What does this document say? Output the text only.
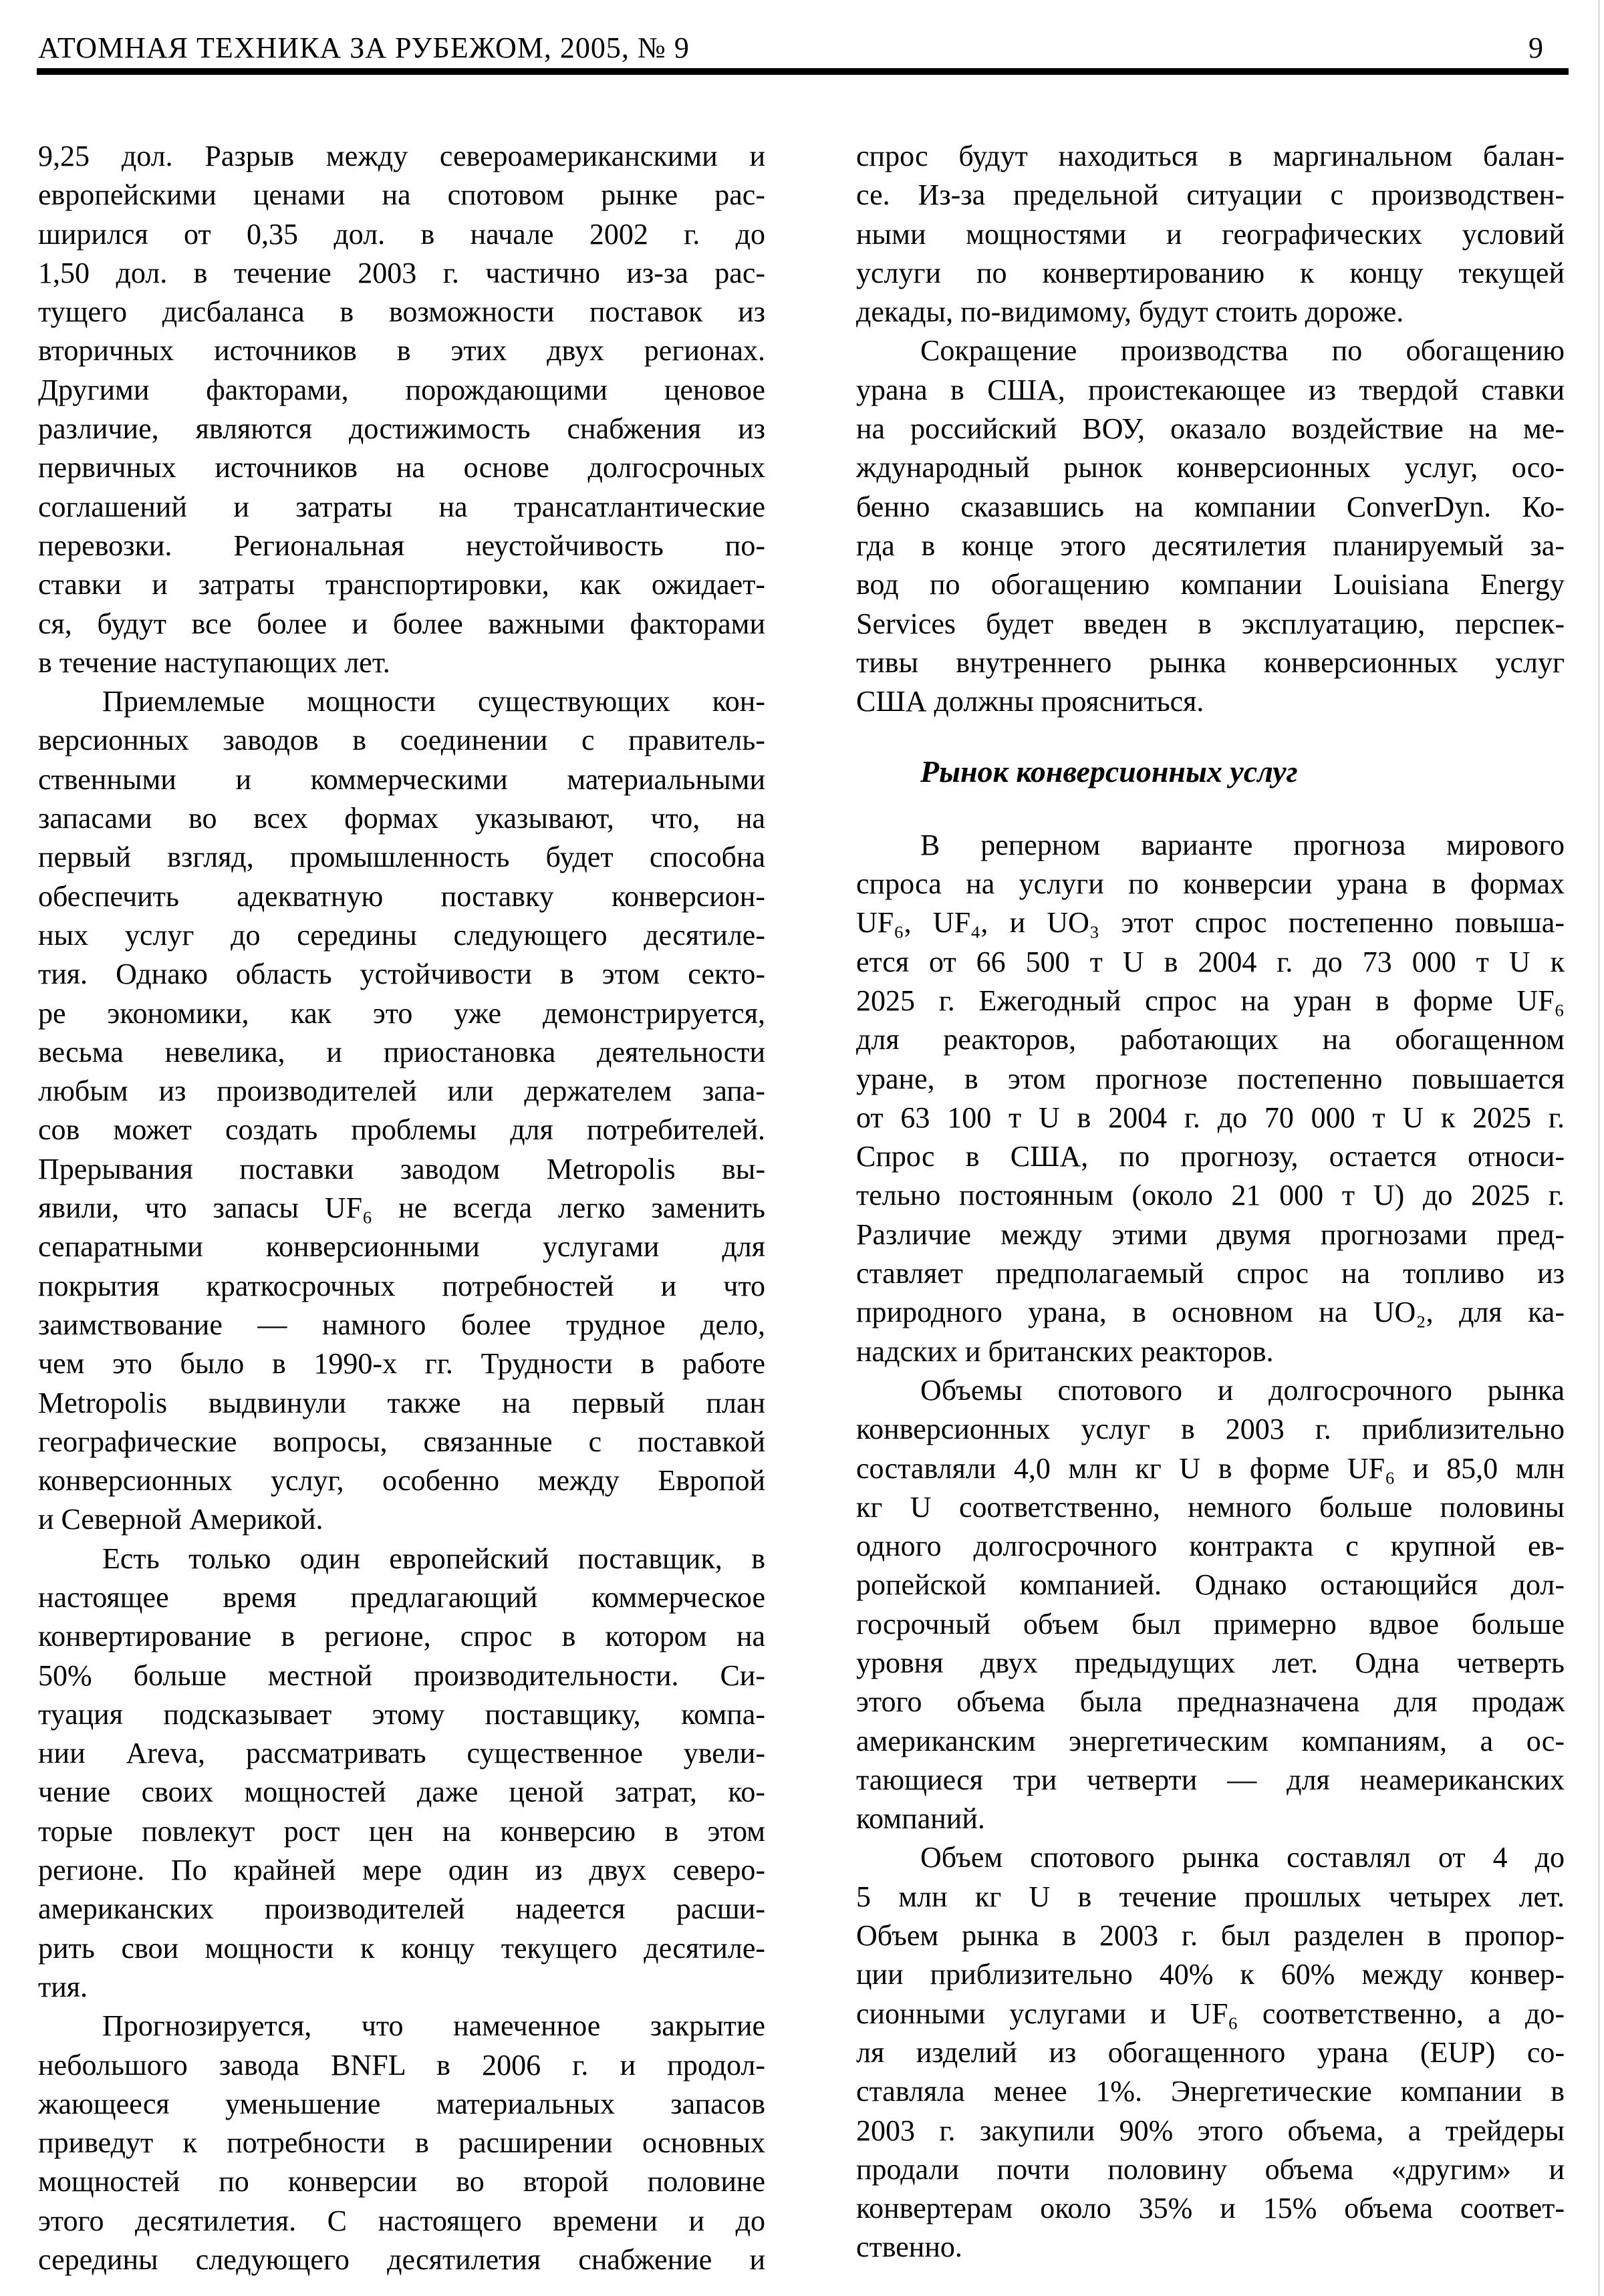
АТОМНАЯ ТЕХНИКА ЗА РУБЕЖОМ, 2005, № 9	9
9,25 дол. Разрыв между североамериканскими и
европейскими ценами на спотовом рынке рас-
ширился от 0,35 дол. в начале 2002 г. до
1,50 дол. в течение 2003 г. частично из-за рас-
тущего дисбаланса в возможности поставок из
вторичных источников в этих двух регионах.
Другими факторами, порождающими ценовое
различие, являются достижимость снабжения из
первичных источников на основе долгосрочных
соглашений и затраты на трансатлантические
перевозки. Региональная неустойчивость по-
ставки и затраты транспортировки, как ожидает-
ся, будут все более и более важными факторами
в течение наступающих лет.
Приемлемые мощности существующих кон-
версионных заводов в соединении с правитель-
ственными и коммерческими материальными
запасами во всех формах указывают, что, на
первый взгляд, промышленность будет способна
обеспечить адекватную поставку конверсион-
ных услуг до середины следующего десятиле-
тия. Однако область устойчивости в этом секто-
ре экономики, как это уже демонстрируется,
весьма невелика, и приостановка деятельности
любым из производителей или держателем запа-
сов может создать проблемы для потребителей.
Прерывания поставки заводом Metropolis вы-
явили, что запасы UF₆ не всегда легко заменить
сепаратными конверсионными услугами для
покрытия краткосрочных потребностей и что
заимствование — намного более трудное дело,
чем это было в 1990-х гг. Трудности в работе
Metropolis выдвинули также на первый план
географические вопросы, связанные с поставкой
конверсионных услуг, особенно между Европой
и Северной Америкой.
Есть только один европейский поставщик, в
настоящее время предлагающий коммерческое
конвертирование в регионе, спрос в котором на
50% больше местной производительности. Си-
туация подсказывает этому поставщику, компа-
нии Areva, рассматривать существенное увели-
чение своих мощностей даже ценой затрат, ко-
торые повлекут рост цен на конверсию в этом
регионе. По крайней мере один из двух северо-
американских производителей надеется расши-
рить свои мощности к концу текущего десятиле-
тия.
Прогнозируется, что намеченное закрытие
небольшого завода BNFL в 2006 г. и продол-
жающееся уменьшение материальных запасов
приведут к потребности в расширении основных
мощностей по конверсии во второй половине
этого десятилетия. С настоящего времени и до
середины следующего десятилетия снабжение и
спрос будут находиться в маргинальном балан-
се. Из-за предельной ситуации с производствен-
ными мощностями и географических условий
услуги по конвертированию к концу текущей
декады, по-видимому, будут стоить дороже.
Сокращение производства по обогащению
урана в США, проистекающее из твердой ставки
на российский ВОУ, оказало воздействие на ме-
ждународный рынок конверсионных услуг, осо-
бенно сказавшись на компании ConverDyn. Ко-
гда в конце этого десятилетия планируемый за-
вод по обогащению компании Louisiana Energy
Services будет введен в эксплуатацию, перспек-
тивы внутреннего рынка конверсионных услуг
США должны проясниться.
Рынок конверсионных услуг
В реперном варианте прогноза мирового
спроса на услуги по конверсии урана в формах
UF₆, UF₄, и UO₃ этот спрос постепенно повыша-
ется от 66 500 т U в 2004 г. до 73 000 т U к
2025 г. Ежегодный спрос на уран в форме UF₆
для реакторов, работающих на обогащенном
уране, в этом прогнозе постепенно повышается
от 63 100 т U в 2004 г. до 70 000 т U к 2025 г.
Спрос в США, по прогнозу, остается относи-
тельно постоянным (около 21 000 т U) до 2025 г.
Различие между этими двумя прогнозами пред-
ставляет предполагаемый спрос на топливо из
природного урана, в основном на UO₂, для ка-
надских и британских реакторов.
Объемы спотового и долгосрочного рынка
конверсионных услуг в 2003 г. приблизительно
составляли 4,0 млн кг U в форме UF₆ и 85,0 млн
кг U соответственно, немного больше половины
одного долгосрочного контракта с крупной ев-
ропейской компанией. Однако остающийся дол-
госрочный объем был примерно вдвое больше
уровня двух предыдущих лет. Одна четверть
этого объема была предназначена для продаж
американским энергетическим компаниям, а ос-
тающиеся три четверти — для неамериканских
компаний.
Объем спотового рынка составлял от 4 до
5 млн кг U в течение прошлых четырех лет.
Объем рынка в 2003 г. был разделен в пропор-
ции приблизительно 40% к 60% между конвер-
сионными услугами и UF₆ соответственно, а до-
ля изделий из обогащенного урана (EUP) со-
ставляла менее 1%. Энергетические компании в
2003 г. закупили 90% этого объема, а трейдеры
продали почти половину объема «другим» и
конвертерам около 35% и 15% объема соответ-
ственно.
